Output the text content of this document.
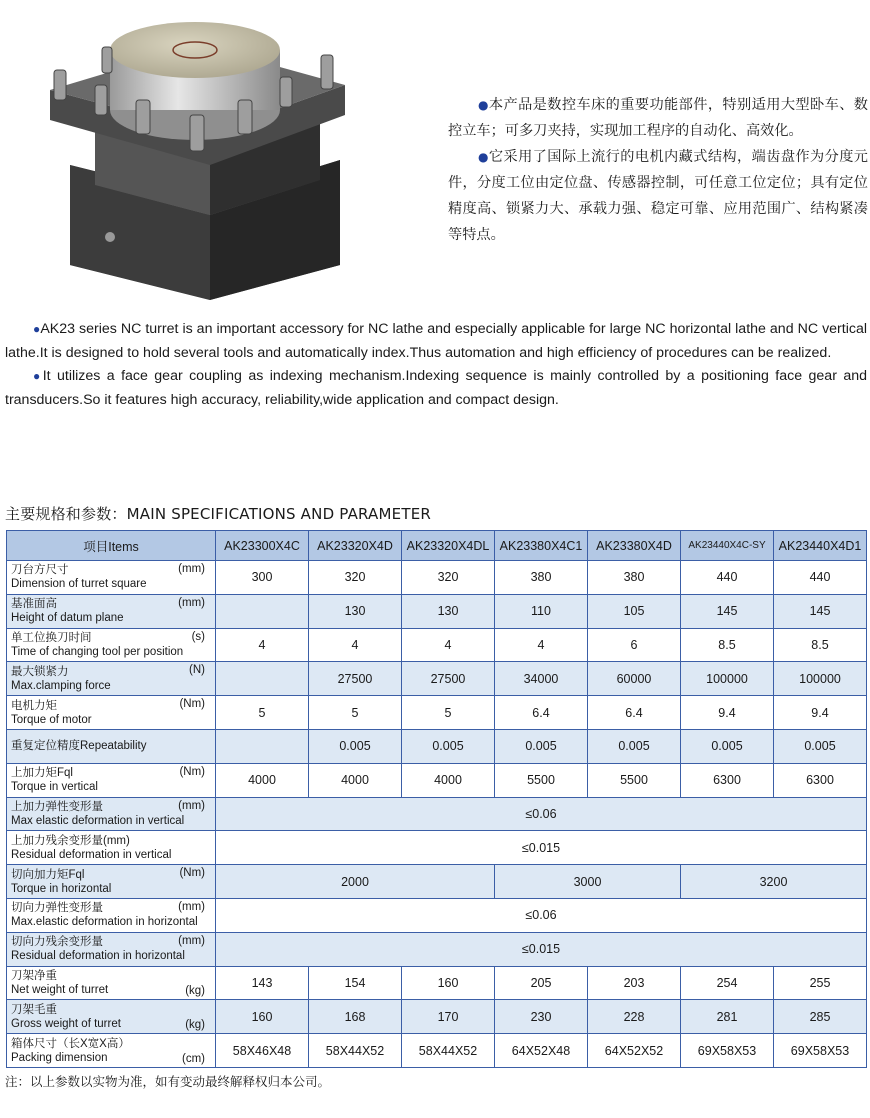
●本产品是数控车床的重要功能部件，特别适用大型卧车、数控立车；可多刀夹持，实现加工程序的自动化、高效化。

●它采用了国际上流行的电机内藏式结构，端齿盘作为分度元件，分度工位由定位盘、传感器控制，可任意工位定位；具有定位精度高、锁紧力大、承载力强、稳定可靠、应用范围广、结构紧凑等特点。

●AK23 series NC turret is an important accessory for NC lathe and especially applicable for large NC horizontal lathe and NC vertical lathe.It is designed to hold several tools and automatically index.Thus automation and high efficiency of procedures can be realized.

●It utilizes a face gear coupling as indexing mechanism.Indexing sequence is mainly controlled by a positioning face gear and transducers.So it features high accuracy, reliability,wide application and compact design.

主要规格和参数：MAIN SPECIFICATIONS AND PARAMETER
项目Items	AK23300X4C	AK23320X4D	AK23320X4DL	AK23380X4C1	AK23380X4D	AK23440X4C-SY	AK23440X4D1

刀台方尺寸
Dimension of turret square
(mm)	300	320	320	380	380	440	440

基准面高
Height of datum plane
(mm)		130	130	110	105	145	145

单工位换刀时间
Time of changing tool per position
(s)	4	4	4	4	6	8.5	8.5

最大锁紧力
Max.clamping force
(N)		27500	27500	34000	60000	100000	100000

电机力矩
Torque of motor
(Nm)	5	5	5	6.4	6.4	9.4	9.4

重复定位精度Repeatability		0.005	0.005	0.005	0.005	0.005	0.005

上加力矩Fql
Torque in vertical
(Nm)	4000	4000	4000	5500	5500	6300	6300

上加力弹性变形量
Max elastic deformation in vertical
(mm)	≤0.06						

上加力残余变形量(mm)
Residual deformation in vertical	≤0.015						

切向加力矩Fql
Torque in horizontal
(Nm)	2000			3000		3200	

切向力弹性变形量
Max.elastic deformation in horizontal
(mm)	≤0.06						

切向力残余变形量
Residual deformation in horizontal
(mm)	≤0.015						

刀架净重
Net weight of turret (kg)	143	154	160	205	203	254	255

刀架毛重
Gross weight of turret (kg)	160	168	170	230	228	281	285

箱体尺寸（长X宽X高）
Packing dimension (cm)	58X46X48	58X44X52	58X44X52	64X52X48	64X52X52	69X58X53	69X58X53
注：以上参数以实物为准，如有变动最终解释权归本公司。
